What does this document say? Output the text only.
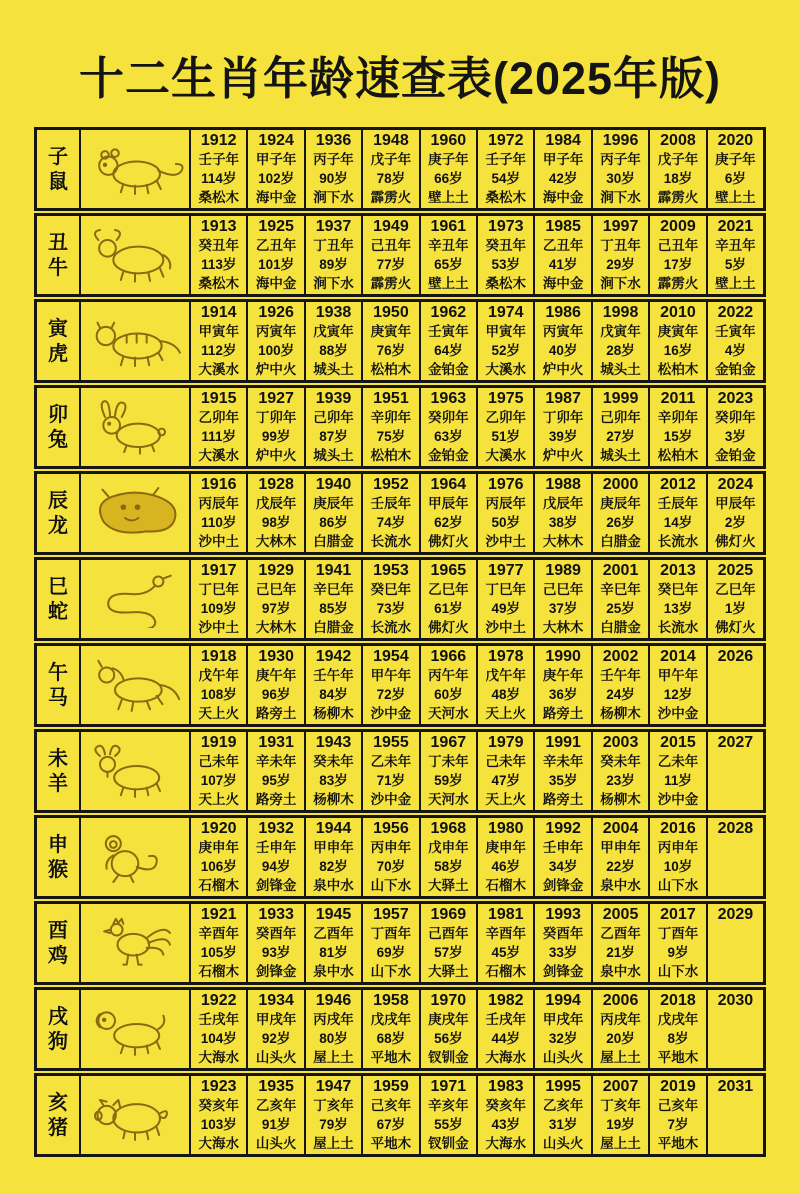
十二生肖年龄速查表(2025年版)
子
鼠
1912
壬子年
114岁
桑松木
1924
甲子年
102岁
海中金
1936
丙子年
90岁
涧下水
1948
戊子年
78岁
霹雳火
1960
庚子年
66岁
壁上土
1972
壬子年
54岁
桑松木
1984
甲子年
42岁
海中金
1996
丙子年
30岁
涧下水
2008
戊子年
18岁
霹雳火
2020
庚子年
6岁
壁上土
丑
牛
1913
癸丑年
113岁
桑松木
1925
乙丑年
101岁
海中金
1937
丁丑年
89岁
涧下水
1949
己丑年
77岁
霹雳火
1961
辛丑年
65岁
壁上土
1973
癸丑年
53岁
桑松木
1985
乙丑年
41岁
海中金
1997
丁丑年
29岁
涧下水
2009
己丑年
17岁
霹雳火
2021
辛丑年
5岁
壁上土
寅
虎
1914
甲寅年
112岁
大溪水
1926
丙寅年
100岁
炉中火
1938
戊寅年
88岁
城头土
1950
庚寅年
76岁
松柏木
1962
壬寅年
64岁
金铂金
1974
甲寅年
52岁
大溪水
1986
丙寅年
40岁
炉中火
1998
戊寅年
28岁
城头土
2010
庚寅年
16岁
松柏木
2022
壬寅年
4岁
金铂金
卯
兔
1915
乙卯年
111岁
大溪水
1927
丁卯年
99岁
炉中火
1939
己卯年
87岁
城头土
1951
辛卯年
75岁
松柏木
1963
癸卯年
63岁
金铂金
1975
乙卯年
51岁
大溪水
1987
丁卯年
39岁
炉中火
1999
己卯年
27岁
城头土
2011
辛卯年
15岁
松柏木
2023
癸卯年
3岁
金铂金
辰
龙
1916
丙辰年
110岁
沙中土
1928
戊辰年
98岁
大林木
1940
庚辰年
86岁
白腊金
1952
壬辰年
74岁
长流水
1964
甲辰年
62岁
佛灯火
1976
丙辰年
50岁
沙中土
1988
戊辰年
38岁
大林木
2000
庚辰年
26岁
白腊金
2012
壬辰年
14岁
长流水
2024
甲辰年
2岁
佛灯火
巳
蛇
1917
丁巳年
109岁
沙中土
1929
己巳年
97岁
大林木
1941
辛巳年
85岁
白腊金
1953
癸巳年
73岁
长流水
1965
乙巳年
61岁
佛灯火
1977
丁巳年
49岁
沙中土
1989
己巳年
37岁
大林木
2001
辛巳年
25岁
白腊金
2013
癸巳年
13岁
长流水
2025
乙巳年
1岁
佛灯火
午
马
1918
戊午年
108岁
天上火
1930
庚午年
96岁
路旁土
1942
壬午年
84岁
杨柳木
1954
甲午年
72岁
沙中金
1966
丙午年
60岁
天河水
1978
戊午年
48岁
天上火
1990
庚午年
36岁
路旁土
2002
壬午年
24岁
杨柳木
2014
甲午年
12岁
沙中金
2026
未
羊
1919
己未年
107岁
天上火
1931
辛未年
95岁
路旁土
1943
癸未年
83岁
杨柳木
1955
乙未年
71岁
沙中金
1967
丁未年
59岁
天河水
1979
己未年
47岁
天上火
1991
辛未年
35岁
路旁土
2003
癸未年
23岁
杨柳木
2015
乙未年
11岁
沙中金
2027
申
猴
1920
庚申年
106岁
石榴木
1932
壬申年
94岁
剑锋金
1944
甲申年
82岁
泉中水
1956
丙申年
70岁
山下水
1968
戊申年
58岁
大驿土
1980
庚申年
46岁
石榴木
1992
壬申年
34岁
剑锋金
2004
甲申年
22岁
泉中水
2016
丙申年
10岁
山下水
2028
酉
鸡
1921
辛酉年
105岁
石榴木
1933
癸酉年
93岁
剑锋金
1945
乙酉年
81岁
泉中水
1957
丁酉年
69岁
山下水
1969
己酉年
57岁
大驿土
1981
辛酉年
45岁
石榴木
1993
癸酉年
33岁
剑锋金
2005
乙酉年
21岁
泉中水
2017
丁酉年
9岁
山下水
2029
戌
狗
1922
壬戌年
104岁
大海水
1934
甲戌年
92岁
山头火
1946
丙戌年
80岁
屋上土
1958
戊戌年
68岁
平地木
1970
庚戌年
56岁
钗钏金
1982
壬戌年
44岁
大海水
1994
甲戌年
32岁
山头火
2006
丙戌年
20岁
屋上土
2018
戊戌年
8岁
平地木
2030
亥
猪
1923
癸亥年
103岁
大海水
1935
乙亥年
91岁
山头火
1947
丁亥年
79岁
屋上土
1959
己亥年
67岁
平地木
1971
辛亥年
55岁
钗钏金
1983
癸亥年
43岁
大海水
1995
乙亥年
31岁
山头火
2007
丁亥年
19岁
屋上土
2019
己亥年
7岁
平地木
2031
